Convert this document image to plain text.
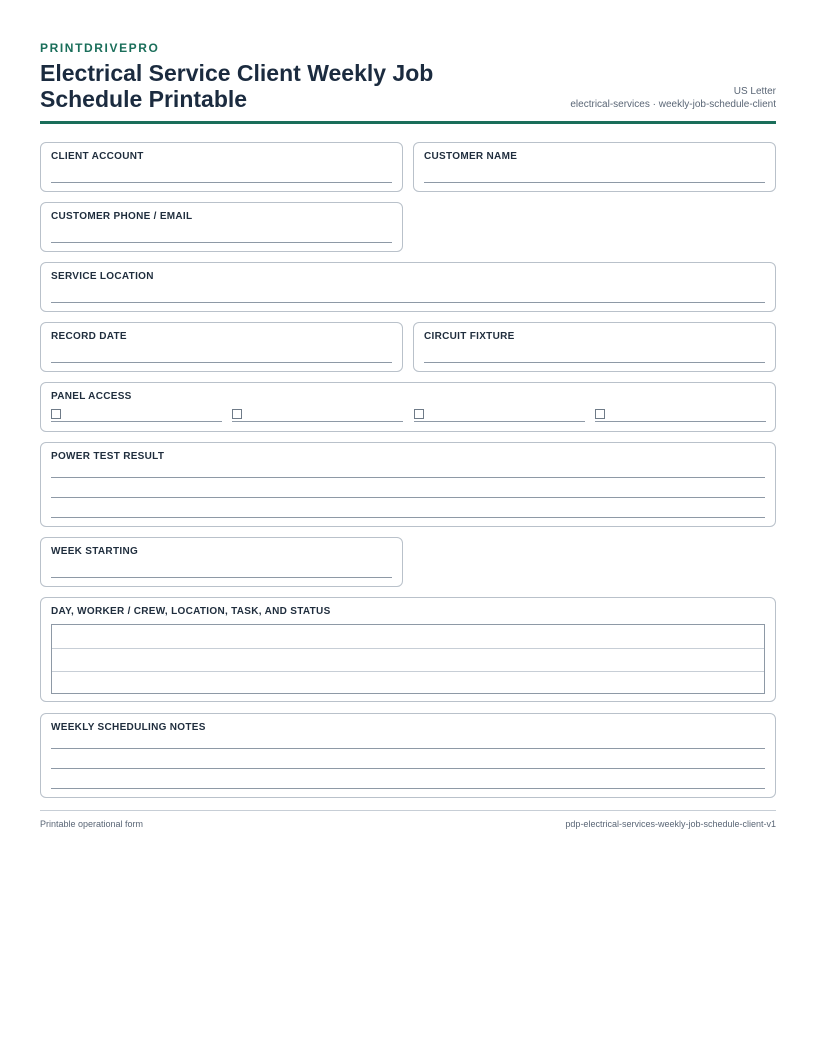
PRINTDRIVEPRO
Electrical Service Client Weekly Job Schedule Printable	US Letter
electrical-services · weekly-job-schedule-client
CLIENT ACCOUNT	CUSTOMER NAME
CUSTOMER PHONE / EMAIL
SERVICE LOCATION
RECORD DATE	CIRCUIT FIXTURE
PANEL ACCESS
POWER TEST RESULT
WEEK STARTING
DAY, WORKER / CREW, LOCATION, TASK, AND STATUS
WEEKLY SCHEDULING NOTES
Printable operational form	pdp-electrical-services-weekly-job-schedule-client-v1
